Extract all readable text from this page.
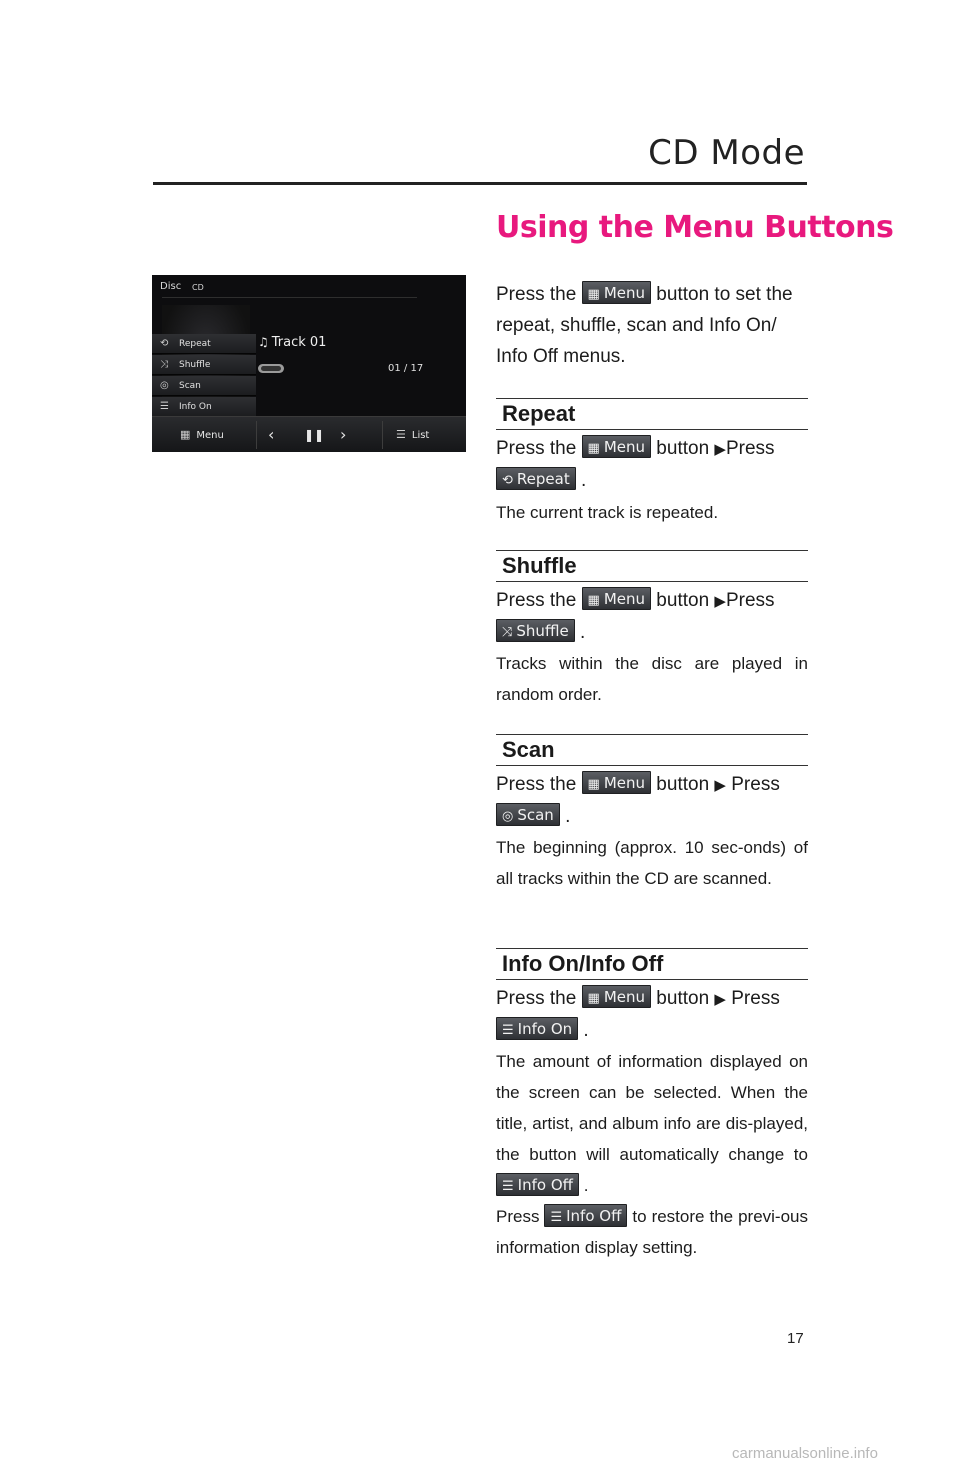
CD Mode
Using the Menu Buttons
Disc CD
⟲ Repeat
⤨ Shuffle
◎ Scan
☰ Info On
♫ Track 01
01 / 17
▦ Menu	‹ ❚❚ ›	☰ List
Press the ▦ Menu button to set the repeat, shuffle, scan and Info On/ Info Off menus.
Repeat
Press the ▦ Menu button ▶Press
⟲ Repeat .
The current track is repeated.
Shuffle
Press the ▦ Menu button ▶Press
⤨ Shuffle .
Tracks within the disc are played in random order.
Scan
Press the ▦ Menu button ▶ Press
◎ Scan .
The beginning (approx. 10 sec-onds) of all tracks within the CD are scanned.
Info On/Info Off
Press the ▦ Menu button ▶ Press
☰ Info On .
The amount of information displayed on the screen can be selected. When the title, artist, and album info are dis-played, the button will automatically change to ☰ Info Off .
Press ☰ Info Off to restore the previ-ous information display setting.
17
carmanualsonline.info
